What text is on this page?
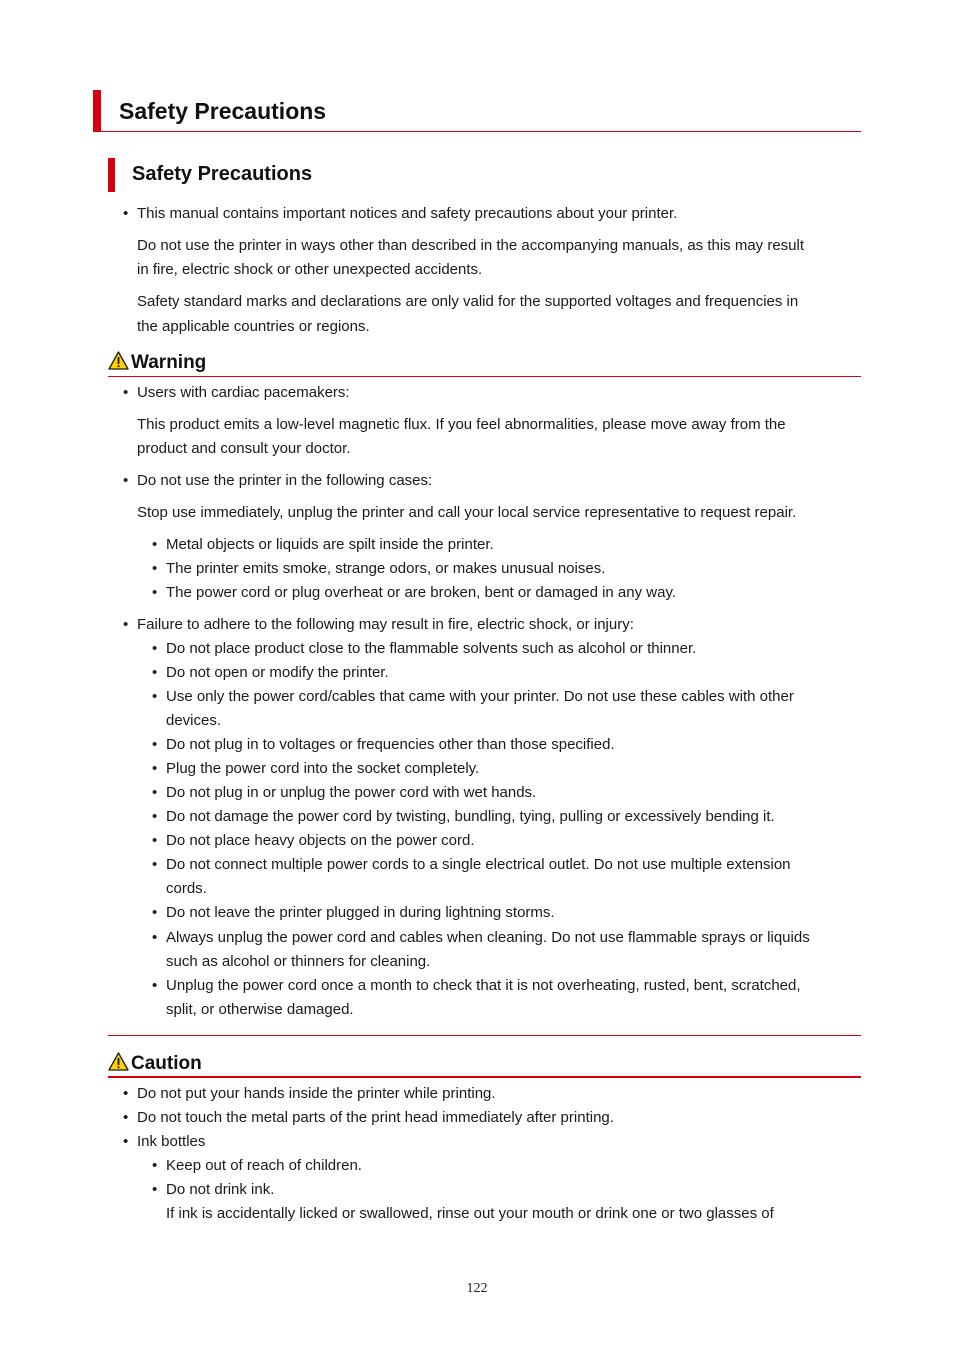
Safety Precautions
Safety Precautions
• This manual contains important notices and safety precautions about your printer.
Do not use the printer in ways other than described in the accompanying manuals, as this may result
in fire, electric shock or other unexpected accidents.
Safety standard marks and declarations are only valid for the supported voltages and frequencies in
the applicable countries or regions.
Warning
• Users with cardiac pacemakers:
This product emits a low-level magnetic flux. If you feel abnormalities, please move away from the
product and consult your doctor.
• Do not use the printer in the following cases:
Stop use immediately, unplug the printer and call your local service representative to request repair.
• Metal objects or liquids are spilt inside the printer.
• The printer emits smoke, strange odors, or makes unusual noises.
• The power cord or plug overheat or are broken, bent or damaged in any way.
• Failure to adhere to the following may result in fire, electric shock, or injury:
• Do not place product close to the flammable solvents such as alcohol or thinner.
• Do not open or modify the printer.
• Use only the power cord/cables that came with your printer. Do not use these cables with other
devices.
• Do not plug in to voltages or frequencies other than those specified.
• Plug the power cord into the socket completely.
• Do not plug in or unplug the power cord with wet hands.
• Do not damage the power cord by twisting, bundling, tying, pulling or excessively bending it.
• Do not place heavy objects on the power cord.
• Do not connect multiple power cords to a single electrical outlet. Do not use multiple extension
cords.
• Do not leave the printer plugged in during lightning storms.
• Always unplug the power cord and cables when cleaning. Do not use flammable sprays or liquids
such as alcohol or thinners for cleaning.
• Unplug the power cord once a month to check that it is not overheating, rusted, bent, scratched,
split, or otherwise damaged.
Caution
• Do not put your hands inside the printer while printing.
• Do not touch the metal parts of the print head immediately after printing.
• Ink bottles
• Keep out of reach of children.
• Do not drink ink.
If ink is accidentally licked or swallowed, rinse out your mouth or drink one or two glasses of
122
